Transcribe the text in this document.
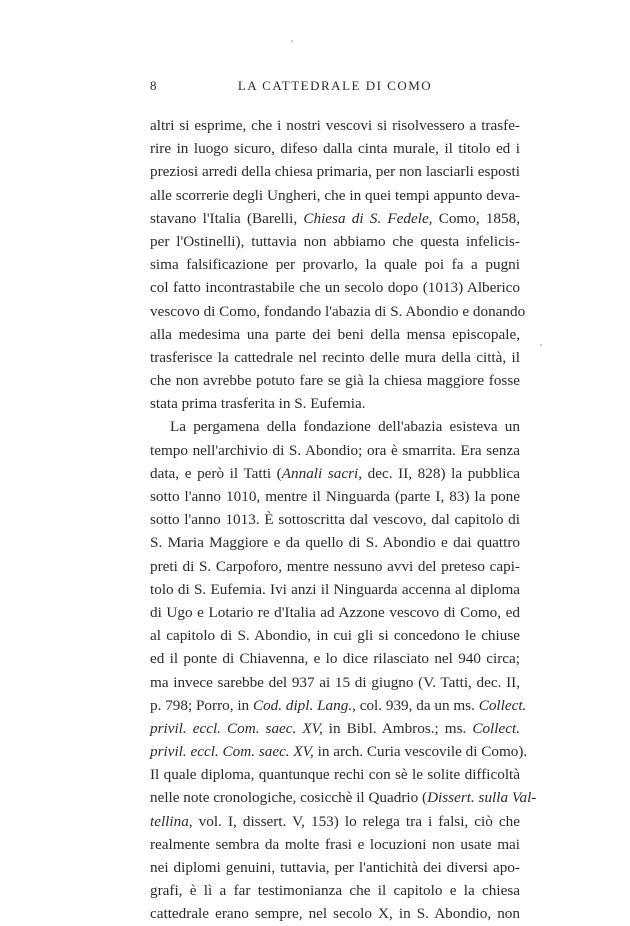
8	LA CATTEDRALE DI COMO
altri si esprime, che i nostri vescovi si risolvessero a trasfe-
rire in luogo sicuro, difeso dalla cinta murale, il titolo ed i
preziosi arredi della chiesa primaria, per non lasciarli esposti
alle scorrerie degli Ungheri, che in quei tempi appunto deva-
stavano l'Italia (Barelli, Chiesa di S. Fedele, Como, 1858,
per l'Ostinelli), tuttavia non abbiamo che questa infelicis-
sima falsificazione per provarlo, la quale poi fa a pugni
col fatto incontrastabile che un secolo dopo (1013) Alberico
vescovo di Como, fondando l'abazia di S. Abondio e donando
alla medesima una parte dei beni della mensa episcopale,
trasferisce la cattedrale nel recinto delle mura della città, il
che non avrebbe potuto fare se già la chiesa maggiore fosse
stata prima trasferita in S. Eufemia.
La pergamena della fondazione dell'abazia esisteva un
tempo nell'archivio di S. Abondio; ora è smarrita. Era senza
data, e però il Tatti (Annali sacri, dec. II, 828) la pubblica
sotto l'anno 1010, mentre il Ninguarda (parte I, 83) la pone
sotto l'anno 1013. È sottoscritta dal vescovo, dal capitolo di
S. Maria Maggiore e da quello di S. Abondio e dai quattro
preti di S. Carpoforo, mentre nessuno avvi del preteso capi-
tolo di S. Eufemia. Ivi anzi il Ninguarda accenna al diploma
di Ugo e Lotario re d'Italia ad Azzone vescovo di Como, ed
al capitolo di S. Abondio, in cui gli si concedono le chiuse
ed il ponte di Chiavenna, e lo dice rilasciato nel 940 circa;
ma invece sarebbe del 937 ai 15 di giugno (V. Tatti, dec. II,
p. 798; Porro, in Cod. dipl. Lang., col. 939, da un ms. Collect.
privil. eccl. Com. saec. XV, in Bibl. Ambros.; ms. Collect.
privil. eccl. Com. saec. XV, in arch. Curia vescovile di Como).
Il quale diploma, quantunque rechi con sè le solite difficoltà
nelle note cronologiche, cosicchè il Quadrio (Dissert. sulla Val-
tellina, vol. I, dissert. V, 153) lo relega tra i falsi, ciò che
realmente sembra da molte frasi e locuzioni non usate mai
nei diplomi genuini, tuttavia, per l'antichità dei diversi apo-
grafi, è lì a far testimonianza che il capitolo e la chiesa
cattedrale erano sempre, nel secolo X, in S. Abondio, non
